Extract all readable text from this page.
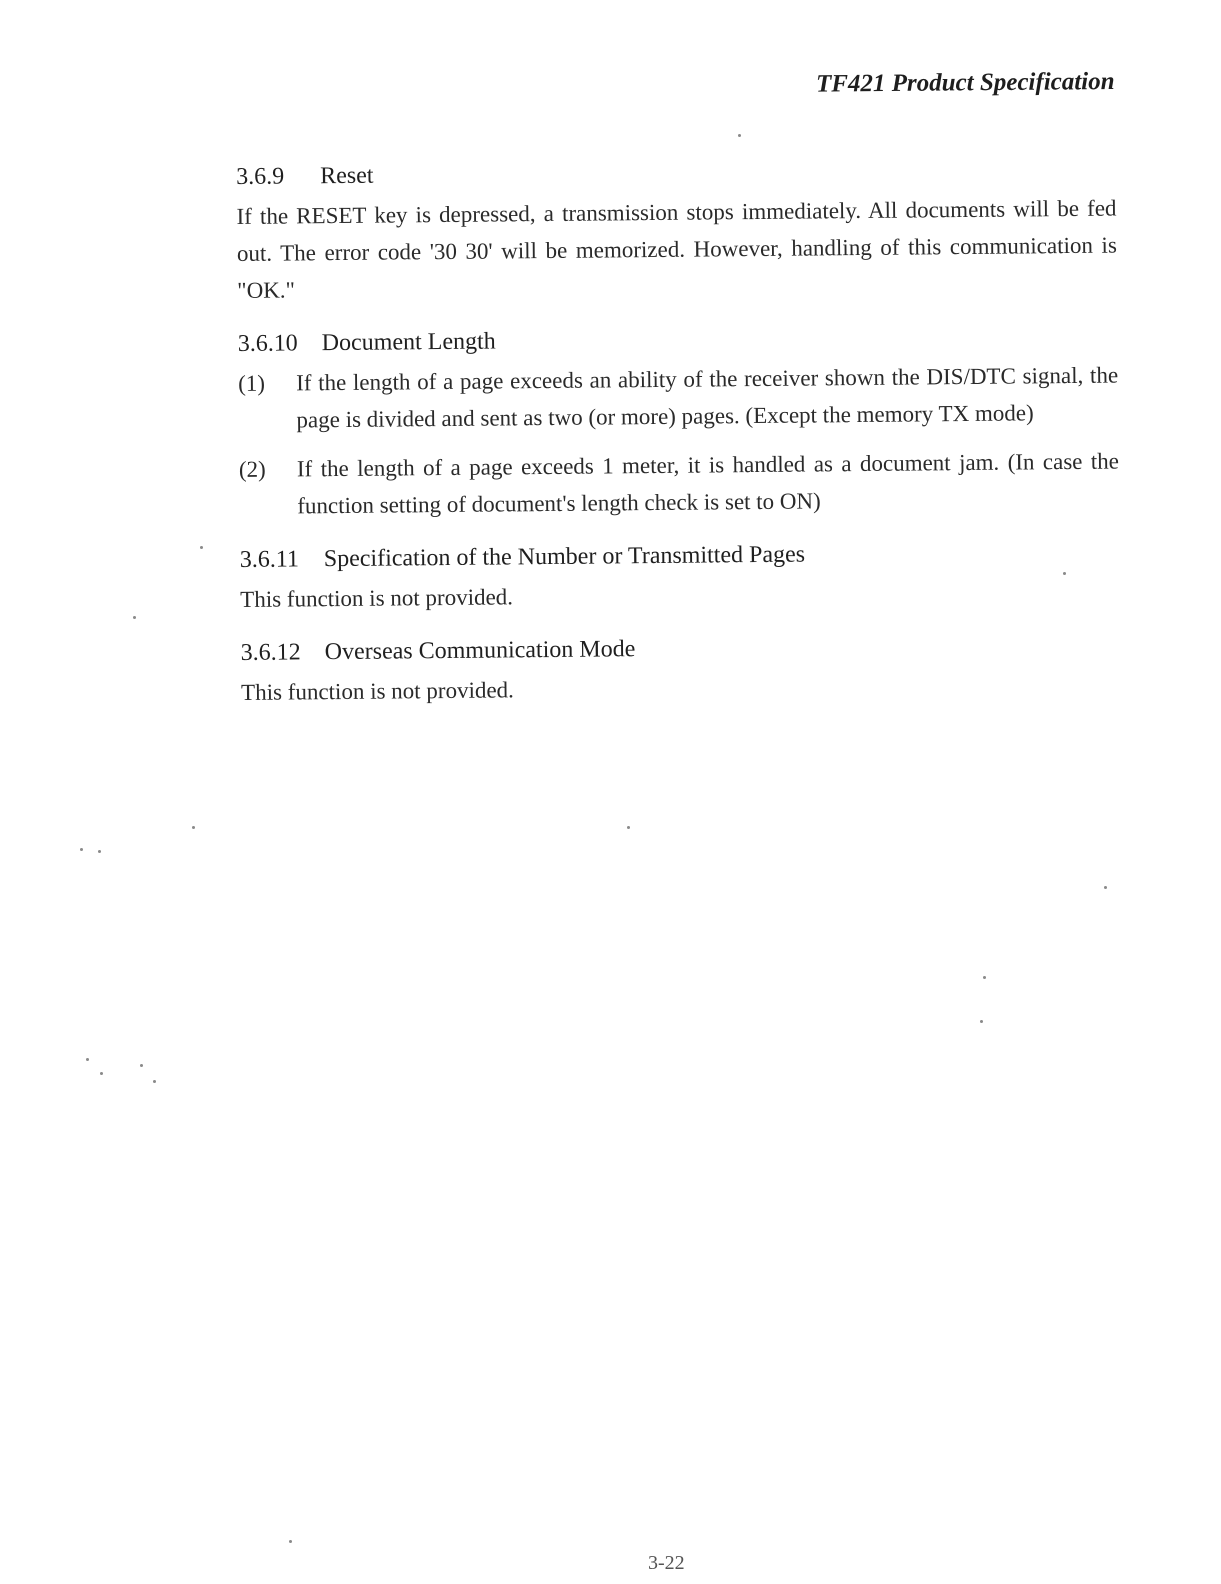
TF421 Product Specification
3.6.9 Reset

If the RESET key is depressed, a transmission stops immediately. All documents will be fed out. The error code '30 30' will be memorized. However, handling of this communication is "OK."

3.6.10 Document Length
(1)	If the length of a page exceeds an ability of the receiver shown the DIS/DTC signal, the page is divided and sent as two (or more) pages. (Except the memory TX mode)
(2)	If the length of a page exceeds 1 meter, it is handled as a document jam. (In case the function setting of document's length check is set to ON)
3.6.11 Specification of the Number or Transmitted Pages

This function is not provided.

3.6.12 Overseas Communication Mode

This function is not provided.

3-22
